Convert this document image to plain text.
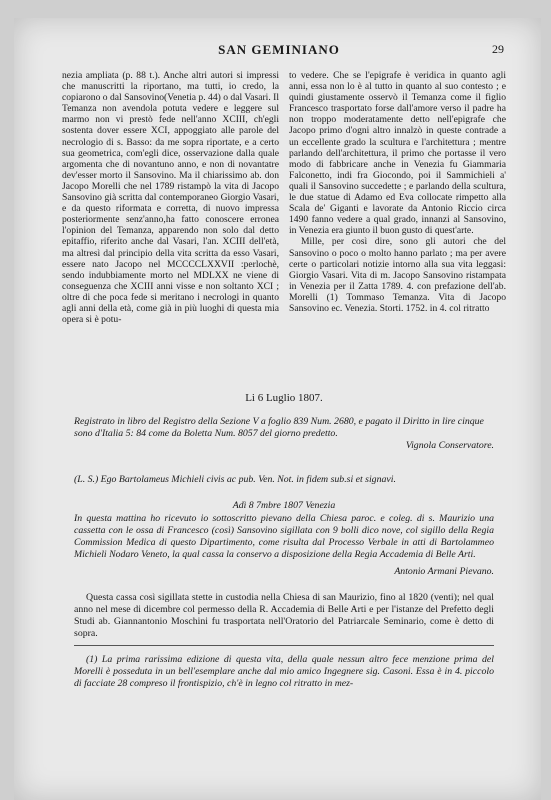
SAN GEMINIANO	29

nezia ampliata (p. 88 t.). Anche altri autori si impressi che manuscritti la riportano, ma tutti, io credo, la copiarono o dal Sansovino(Venetia p. 44) o dal Vasari. Il Temanza non avendola potuta vedere e leggere sul marmo non vi prestò fede nell'anno XCIII, ch'egli sostenta dover essere XCI, appoggiato alle parole del necrologio di s. Basso: da me sopra riportate, e a certo sua geometrica, com'egli dice, osservazione dalla quale argomenta che di novantuno anno, e non di novantatre dev'esser morto il Sansovino. Ma il chiarissimo ab. don Jacopo Morelli che nel 1789 ristampò la vita di Jacopo Sansovino già scritta dal contemporaneo Giorgio Vasari, e da questo riformata e corretta, di nuovo impressa posteriormente senz'anno,ha fatto conoscere erronea l'opinion del Temanza, apparendo non solo dal detto epitaffio, riferito anche dal Vasari, l'an. XCIII dell'età, ma altresì dal principio della vita scritta da esso Vasari, essere nato Jacopo nel MCCCCLXXVII :perlochè, sendo indubbiamente morto nel MDLXX ne viene di conseguenza che XCIII anni visse e non soltanto XCI ; oltre di che poca fede si meritano i necrologi in quanto agli anni della età, come già in più luoghi di questa mia opera si è potu-

to vedere. Che se l'epigrafe è veridica in quanto agli anni, essa non lo è al tutto in quanto al suo contesto ; e quindi giustamente osservò il Temanza come il figlio Francesco trasportato forse dall'amore verso il padre ha non troppo moderatamente detto nell'epigrafe che Jacopo primo d'ogni altro innalzò in queste contrade a un eccellente grado la scultura e l'architettura ; mentre parlando dell'architettura, il primo che portasse il vero modo di fabbricare anche in Venezia fu Giammaria Falconetto, indi fra Giocondo, poi il Sammichieli a' quali il Sansovino succedette ; e parlando della scultura, le due statue di Adamo ed Eva collocate rimpetto alla Scala de' Giganti e lavorate da Antonio Riccio circa 1490 fanno vedere a qual grado, innanzi al Sansovino, in Venezia era giunto il buon gusto di quest'arte.

Mille, per così dire, sono gli autori che del Sansovino o poco o molto hanno parlato ; ma per avere certe o particolari notizie intorno alla sua vita leggasi: Giorgio Vasari. Vita di m. Jacopo Sansovino ristampata in Venezia per il Zatta 1789. 4. con prefazione dell'ab. Morelli (1) Tommaso Temanza. Vita di Jacopo Sansovino ec. Venezia. Storti. 1752. in 4. col ritratto

Li 6 Luglio 1807.
Registrato in libro del Registro della Sezione V a foglio 839 Num. 2680, e pagato il Diritto in lire cinque sono d'Italia 5: 84 come da Boletta Num. 8057 del giorno predetto.
Vignola Conservatore.
(L. S.) Ego Bartolameus Michieli civis ac pub. Ven. Not. in fidem sub.si et signavi.
Adì 8 7mbre 1807 Venezia
In questa mattina ho ricevuto io sottoscritto pievano della Chiesa paroc. e coleg. di s. Maurizio una cassetta con le ossa di Francesco (così) Sansovino sigillata con 9 bolli dico nove, col sigillo della Regia Commission Medica di questo Dipartimento, come risulta dal Processo Verbale in atti di Bartolammeo Michieli Nodaro Veneto, la qual cassa la conservo a disposizione della Regia Accademia di Belle Arti.
Antonio Armani Pievano.
Questa cassa così sigillata stette in custodia nella Chiesa di san Maurizio, fino al 1820 (venti); nel qual anno nel mese di dicembre col permesso della R. Accademia di Belle Arti e per l'istanze del Prefetto degli Studi ab. Giannantonio Moschini fu trasportata nell'Oratorio del Patriarcale Seminario, come è detto di sopra.
(1) La prima rarissima edizione di questa vita, della quale nessun altro fece menzione prima del Morelli è posseduta in un bell'esemplare anche dal mio amico Ingegnere sig. Casoni. Essa è in 4. piccolo di facciate 28 compreso il frontispizio, ch'è in legno col ritratto in mez-
